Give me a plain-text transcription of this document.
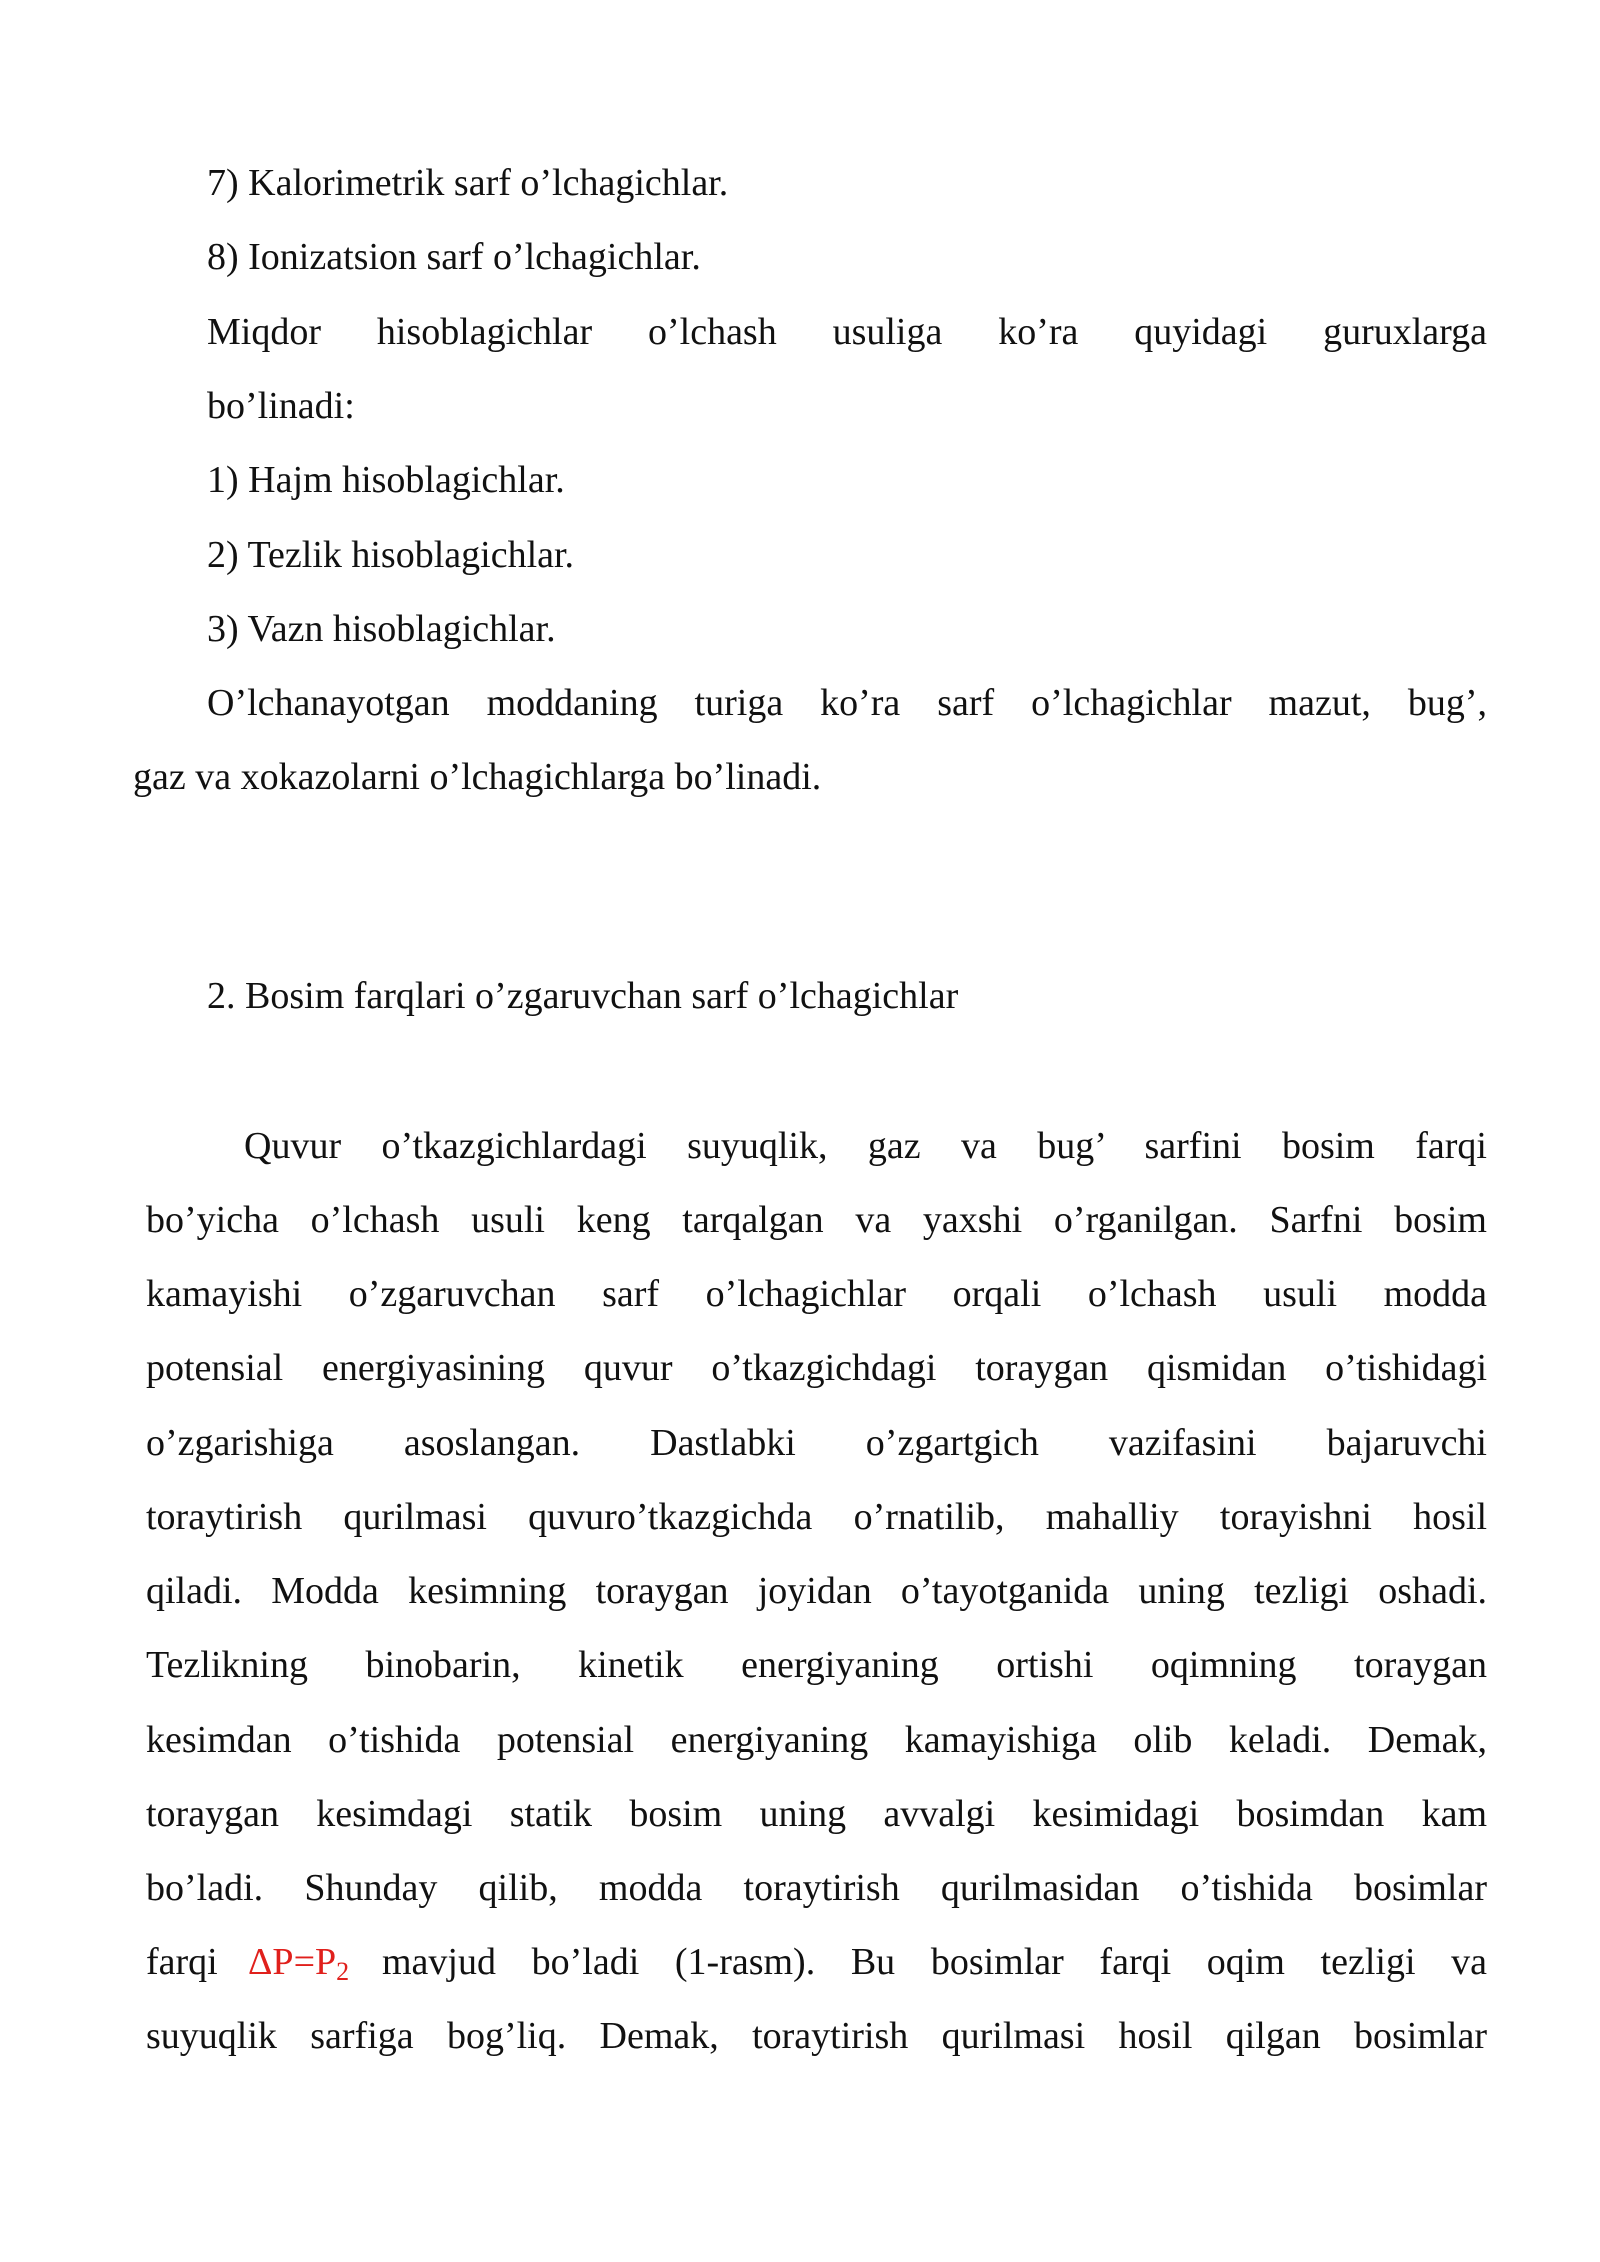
7) Kalorimetrik sarf o’lchagichlar.
8) Ionizatsion sarf o’lchagichlar.
Miqdor hisoblagichlar o’lchash usuliga ko’ra quyidagi guruxlarga
bo’linadi:
1) Hajm hisoblagichlar.
2) Tezlik hisoblagichlar.
3) Vazn hisoblagichlar.
O’lchanayotgan moddaning turiga ko’ra sarf o’lchagichlar mazut, bug’,
gaz va xokazolarni o’lchagichlarga bo’linadi.
2. Bosim farqlari o’zgaruvchan sarf o’lchagichlar
Quvur o’tkazgichlardagi suyuqlik, gaz va bug’ sarfini bosim farqi
bo’yicha o’lchash usuli keng tarqalgan va yaxshi o’rganilgan. Sarfni bosim
kamayishi o’zgaruvchan sarf o’lchagichlar orqali o’lchash usuli modda
potensial energiyasining quvur o’tkazgichdagi toraygan qismidan o’tishidagi
o’zgarishiga asoslangan. Dastlabki o’zgartgich vazifasini bajaruvchi
toraytirish qurilmasi quvuro’tkazgichda o’rnatilib, mahalliy torayishni hosil
qiladi. Modda kesimning toraygan joyidan o’tayotganida uning tezligi oshadi.
Tezlikning binobarin, kinetik energiyaning ortishi oqimning toraygan
kesimdan o’tishida potensial energiyaning kamayishiga olib keladi. Demak,
toraygan kesimdagi statik bosim uning avvalgi kesimidagi bosimdan kam
bo’ladi. Shunday qilib, modda toraytirish qurilmasidan o’tishida bosimlar
farqi ΔP=P2 mavjud bo’ladi (1-rasm). Bu bosimlar farqi oqim tezligi va
suyuqlik sarfiga bog’liq. Demak, toraytirish qurilmasi hosil qilgan bosimlar
